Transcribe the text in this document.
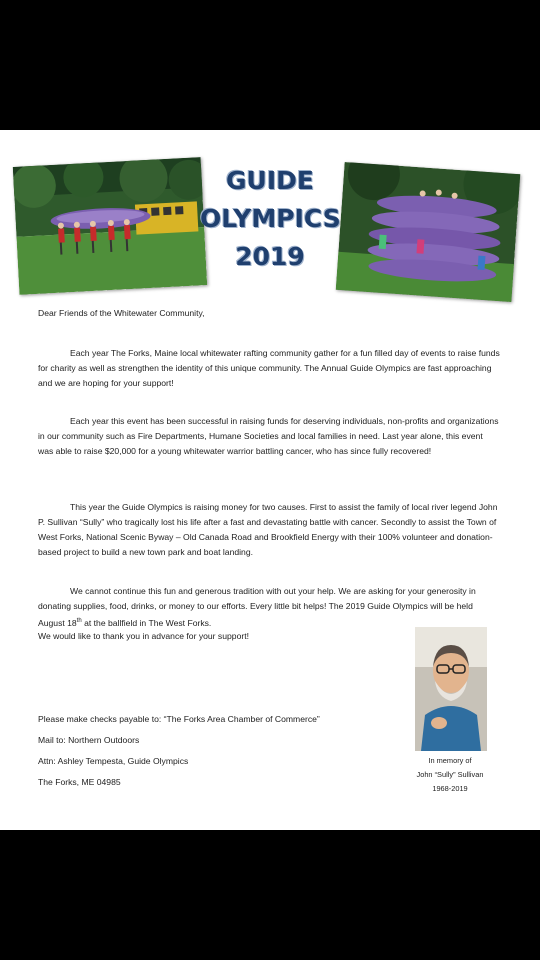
GUIDE
OLYMPICS
2019

Dear Friends of the Whitewater Community,

Each year The Forks, Maine local whitewater rafting community gather for a fun filled day of events to raise funds for charity as well as strengthen the identity of this unique community. The Annual Guide Olympics are fast approaching and we are hoping for your support!

Each year this event has been successful in raising funds for deserving individuals, non-profits and organizations in our community such as Fire Departments, Humane Societies and local families in need. Last year alone, this event was able to raise $20,000 for a young whitewater warrior battling cancer, who has since fully recovered!

This year the Guide Olympics is raising money for two causes. First to assist the family of local river legend John P. Sullivan “Sully” who tragically lost his life after a fast and devastating battle with cancer. Secondly to assist the Town of West Forks, National Scenic Byway – Old Canada Road and Brookfield Energy with their 100% volunteer and donation-based project to build a new town park and boat landing.

We cannot continue this fun and generous tradition with out your help. We are asking for your generosity in donating supplies, food, drinks, or money to our efforts. Every little bit helps! The 2019 Guide Olympics will be held August 18th at the ballfield in The West Forks.

We would like to thank you in advance for your support!

Please make checks payable to: “The Forks Area Chamber of Commerce”

Mail to: Northern Outdoors

Attn: Ashley Tempesta, Guide Olympics

The Forks, ME 04985

In memory of
John “Sully” Sullivan
1968-2019
